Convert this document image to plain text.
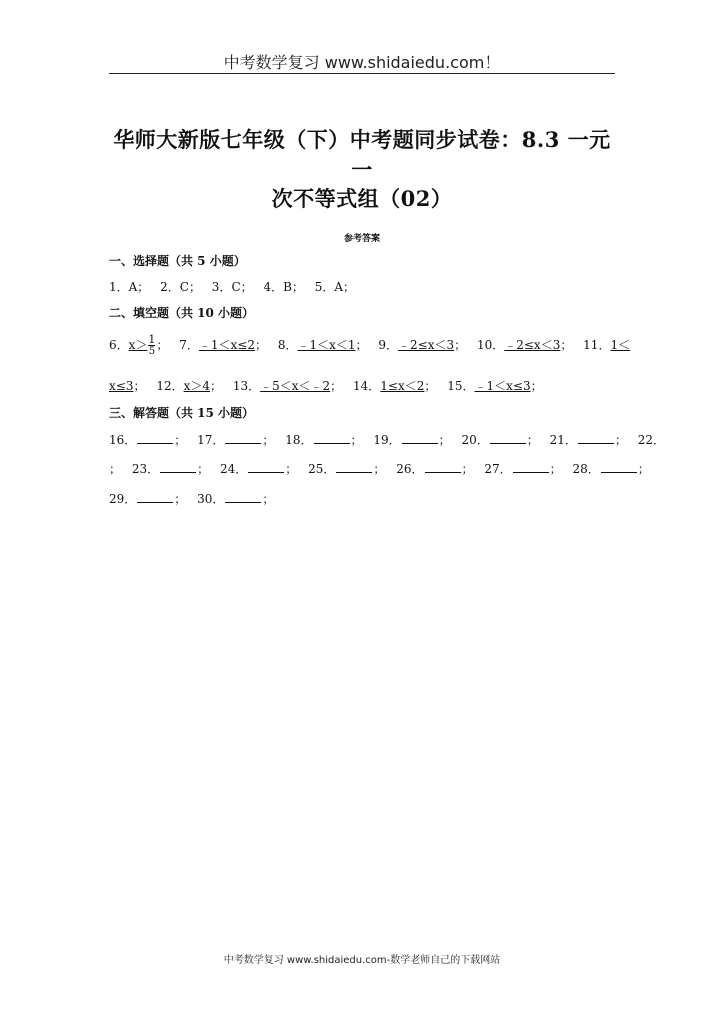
中考数学复习 www.shidaiedu.com！
华师大新版七年级（下）中考题同步试卷：8.3 一元一
次不等式组（02）
参考答案
一、选择题（共 5 小题）
1．A； 2．C； 3．C； 4．B； 5．A；
二、填空题（共 10 小题）
6．$x> \frac{1}{5}$ ； 7．﹣1＜x≤2； 8．﹣1＜x＜1； 9．﹣2≤x＜3； 10．﹣2≤x＜3； 11．1＜
x≤3； 12．x＞4； 13．﹣5＜x＜﹣2； 14．1≤x＜2； 15．﹣1＜x≤3；
三、解答题（共 15 小题）
16．	； 17．	； 18．	； 19．	； 20．	； 21．	； 22．
； 23．	； 24．	； 25．	； 26．	； 27．	； 28．	；
29．	； 30．	；
中考数学复习 www.shidaiedu.com-数学老师自己的下载网站
